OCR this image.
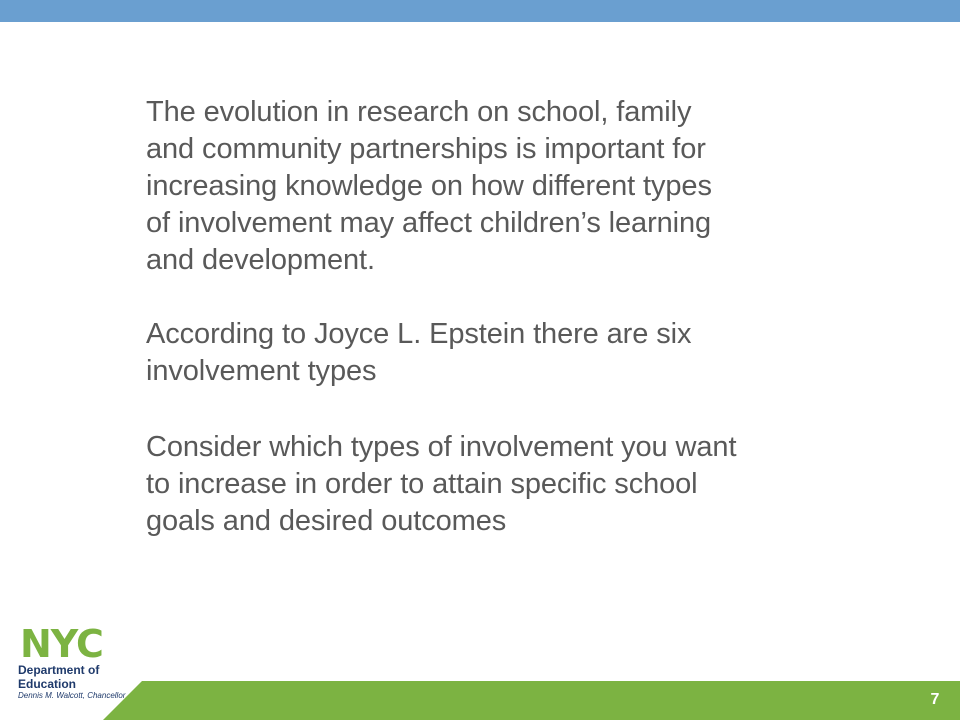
The evolution in research on school, family
and community partnerships is important for
increasing knowledge on how different types
of involvement may affect children’s learning
and development.

According to Joyce L. Epstein there are six
involvement types

Consider which types of involvement you want
to increase in order to attain specific school
goals and desired outcomes

NYC
Department of
Education
Dennis M. Walcott, Chancellor	7
